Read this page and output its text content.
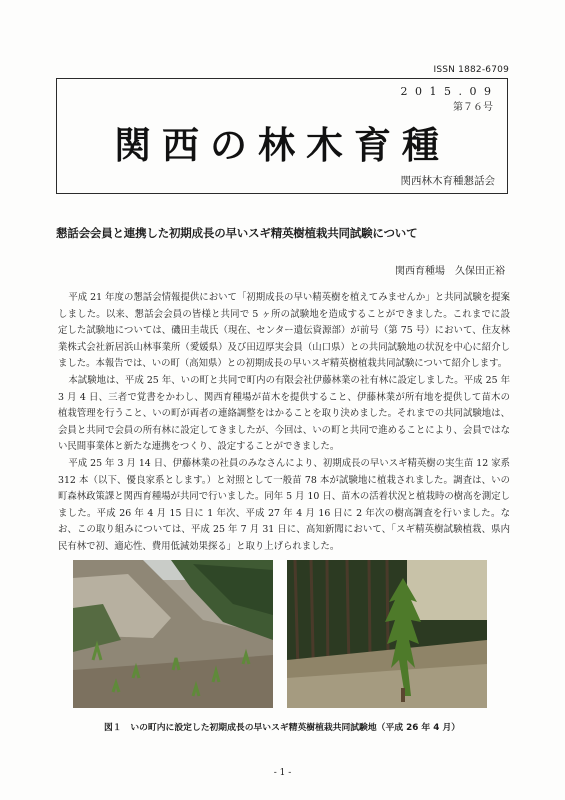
ISSN 1882-6709
2 0 1 5 . 0 9
第７６号
関西の林木育種
関西林木育種懇話会
懇話会会員と連携した初期成長の早いスギ精英樹植栽共同試験について
関西育種場　久保田正裕

平成 21 年度の懇話会情報提供において「初期成長の早い精英樹を植えてみませんか」と共同試験を提案しました。以来、懇話会会員の皆様と共同で 5 ヶ所の試験地を造成することができました。これまでに設定した試験地については、磯田圭哉氏（現在、センター遺伝資源部）が前号（第 75 号）において、住友林業株式会社新居浜山林事業所（愛媛県）及び田辺厚実会員（山口県）との共同試験地の状況を中心に紹介しました。本報告では、いの町（高知県）との初期成長の早いスギ精英樹植栽共同試験について紹介します。

本試験地は、平成 25 年、いの町と共同で町内の有限会社伊藤林業の社有林に設定しました。平成 25 年 3 月 4 日、三者で覚書をかわし、関西育種場が苗木を提供すること、伊藤林業が所有地を提供して苗木の植栽管理を行うこと、いの町が両者の連絡調整をはかることを取り決めました。それまでの共同試験地は、会員と共同で会員の所有林に設定してきましたが、今回は、いの町と共同で進めることにより、会員ではない民間事業体と新たな連携をつくり、設定することができました。

平成 25 年 3 月 14 日、伊藤林業の社員のみなさんにより、初期成長の早いスギ精英樹の実生苗 12 家系 312 本（以下、優良家系とします。）と対照として一般苗 78 本が試験地に植栽されました。調査は、いの町森林政策課と関西育種場が共同で行いました。同年 5 月 10 日、苗木の活着状況と植栽時の樹高を測定しました。平成 26 年 4 月 15 日に 1 年次、平成 27 年 4 月 16 日に 2 年次の樹高調査を行いました。なお、この取り組みについては、平成 25 年 7 月 31 日に、高知新聞において、「スギ精英樹試験植栽、県内民有林で初、適応性、費用低減効果探る」と取り上げられました。

図１　いの町内に設定した初期成長の早いスギ精英樹植栽共同試験地（平成 26 年 4 月）
- 1 -
